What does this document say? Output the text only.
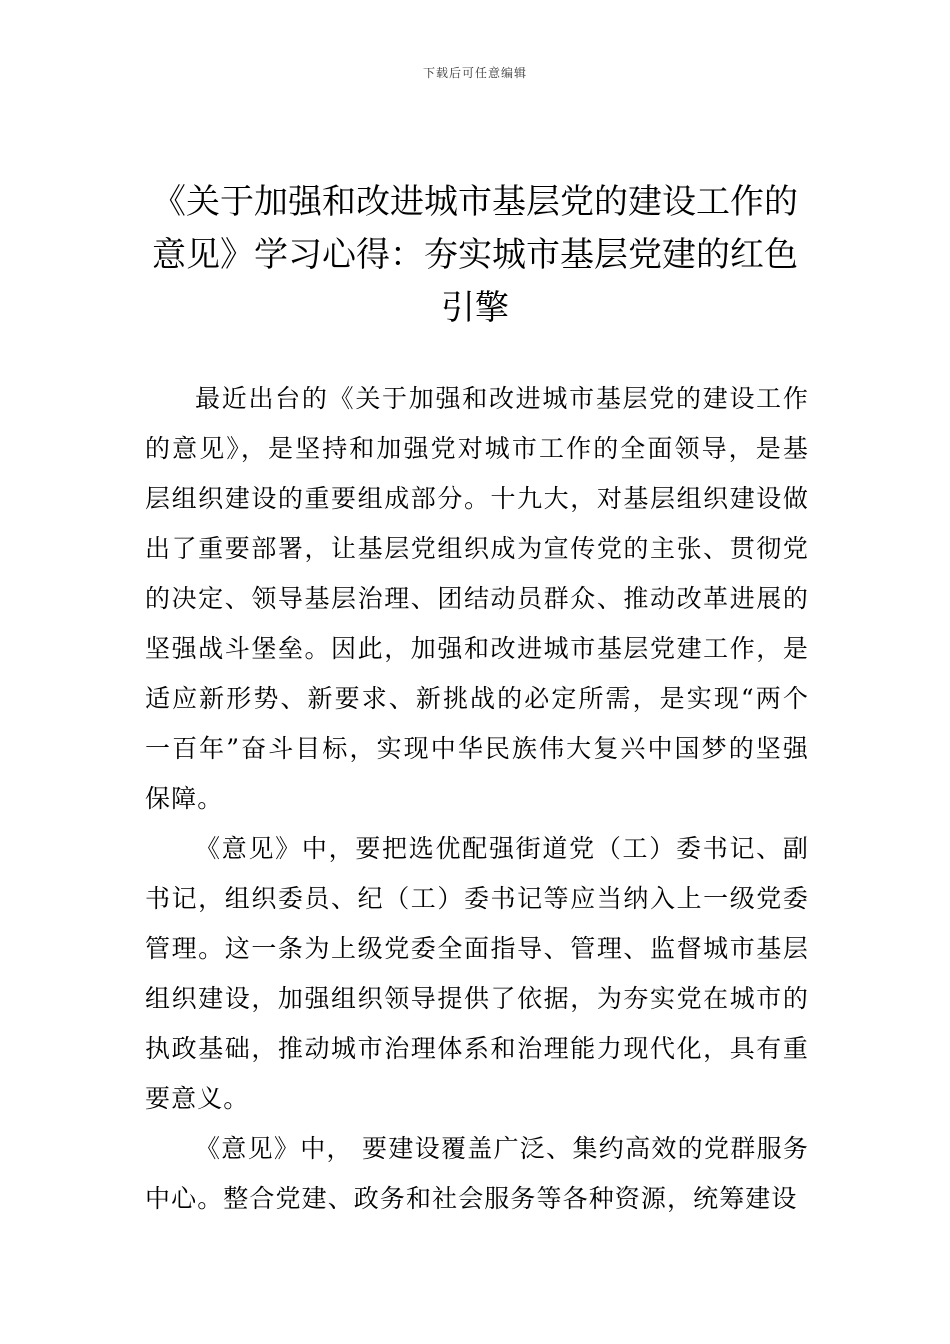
下载后可任意编辑
《关于加强和改进城市基层党的建设工作的意见》学习心得：夯实城市基层党建的红色引擎

最近出台的《关于加强和改进城市基层党的建设工作的意见》，是坚持和加强党对城市工作的全面领导，是基层组织建设的重要组成部分。十九大，对基层组织建设做出了重要部署，让基层党组织成为宣传党的主张、贯彻党的决定、领导基层治理、团结动员群众、推动改革进展的坚强战斗堡垒。因此，加强和改进城市基层党建工作，是适应新形势、新要求、新挑战的必定所需，是实现“两个一百年”奋斗目标，实现中华民族伟大复兴中国梦的坚强保障。

《意见》中，要把选优配强街道党（工）委书记、副书记，组织委员、纪（工）委书记等应当纳入上一级党委管理。这一条为上级党委全面指导、管理、监督城市基层组织建设，加强组织领导提供了依据，为夯实党在城市的执政基础，推动城市治理体系和治理能力现代化，具有重要意义。

《意见》中， 要建设覆盖广泛、集约高效的党群服务中心。整合党建、政务和社会服务等各种资源，统筹建设
